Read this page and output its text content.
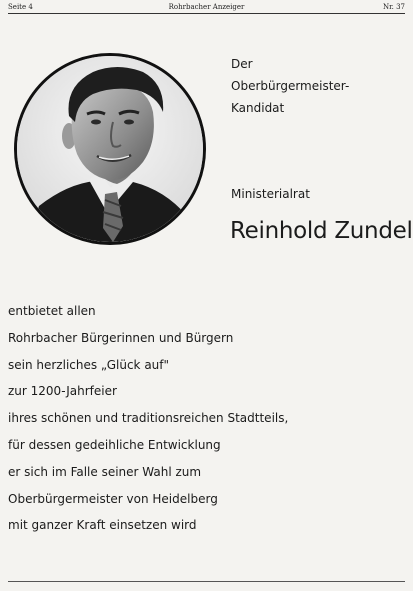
Seite 4	Rohrbacher Anzeiger	Nr. 37
Der
Oberbürgermeister-
Kandidat
Ministerialrat
Reinhold Zundel
entbietet allen
Rohrbacher Bürgerinnen und Bürgern
sein herzliches „Glück auf"
zur 1200-Jahrfeier
ihres schönen und traditionsreichen Stadtteils,
für dessen gedeihliche Entwicklung
er sich im Falle seiner Wahl zum
Oberbürgermeister von Heidelberg
mit ganzer Kraft einsetzen wird
